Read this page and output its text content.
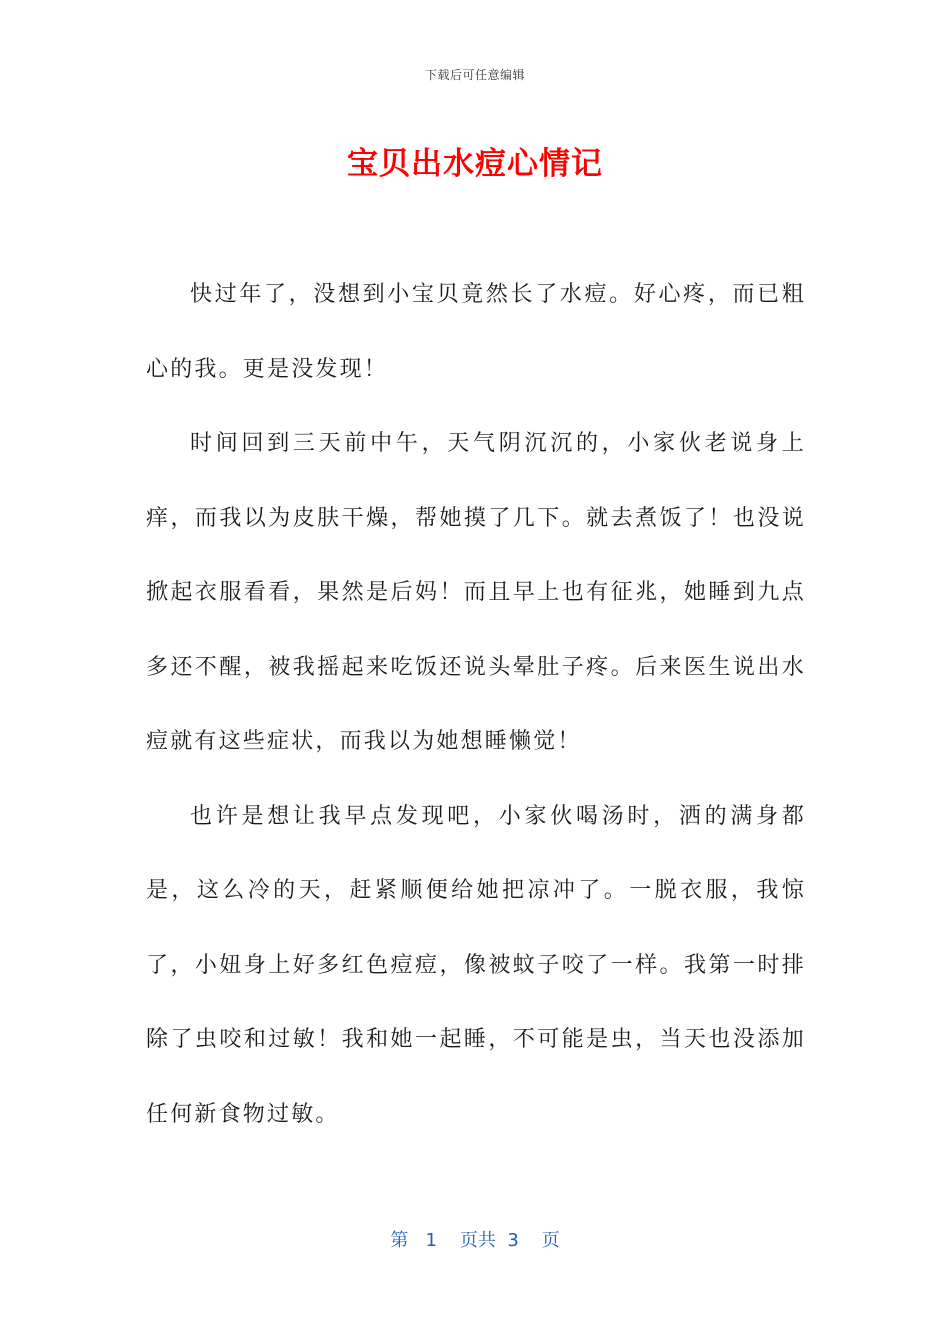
下载后可任意编辑
宝贝出水痘心情记

快过年了，没想到小宝贝竟然长了水痘。好心疼，而已粗心的我。更是没发现！

时间回到三天前中午，天气阴沉沉的，小家伙老说身上痒，而我以为皮肤干燥，帮她摸了几下。就去煮饭了！也没说掀起衣服看看，果然是后妈！而且早上也有征兆，她睡到九点多还不醒，被我摇起来吃饭还说头晕肚子疼。后来医生说出水痘就有这些症状，而我以为她想睡懒觉！

也许是想让我早点发现吧，小家伙喝汤时，洒的满身都是，这么冷的天，赶紧顺便给她把凉冲了。一脱衣服，我惊了，小妞身上好多红色痘痘，像被蚊子咬了一样。我第一时排除了虫咬和过敏！我和她一起睡，不可能是虫，当天也没添加任何新食物过敏。

第 1 页共 3 页
